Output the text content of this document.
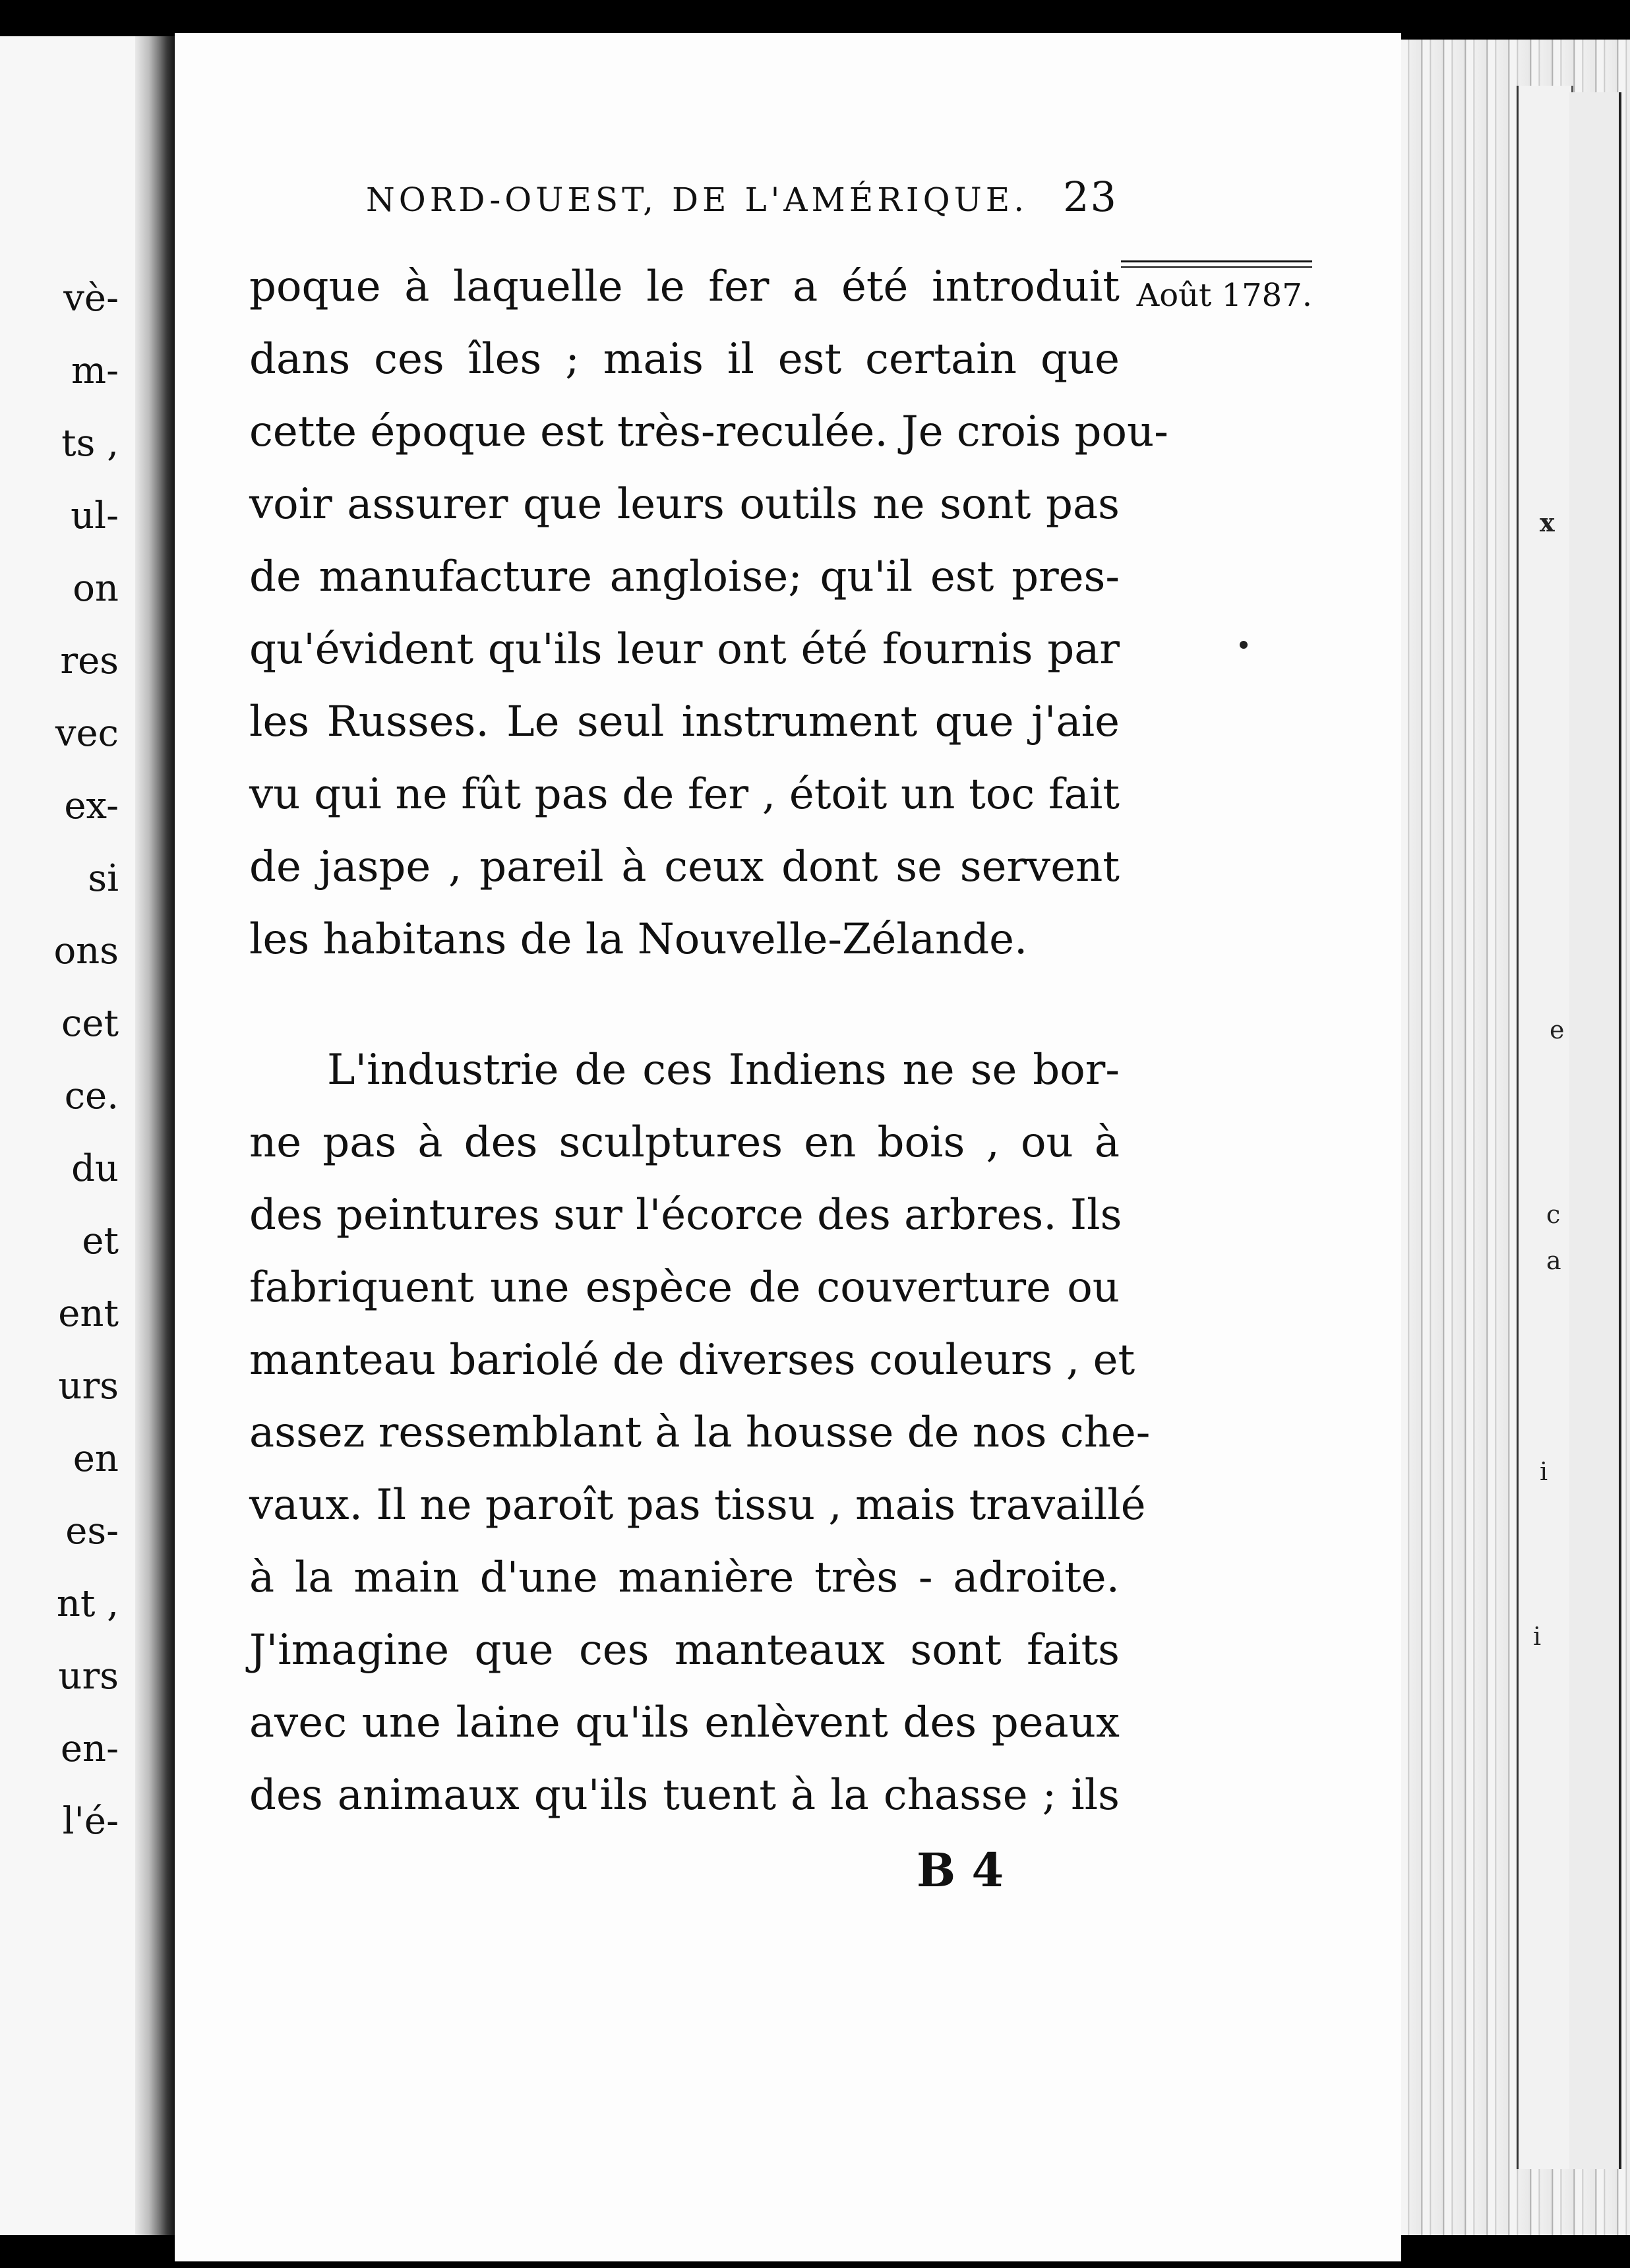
vè-
m-
ts ,
ul-
on
res
vec
ex-
si
ons
cet
ce.
du
et
ent
urs
en
es-
nt ,
urs
en-
l'é-
x
c
a
i
e
i
NORD-OUEST, DE L'AMÉRIQUE. 23
Août 1787.
poque à laquelle le fer a été introduit
dans ces îles ; mais il est certain que
cette époque est très-reculée. Je crois pou-
voir assurer que leurs outils ne sont pas
de manufacture angloise; qu'il est pres-
qu'évident qu'ils leur ont été fournis par
les Russes. Le seul instrument que j'aie
vu qui ne fût pas de fer , étoit un toc fait
de jaspe , pareil à ceux dont se servent
les habitans de la Nouvelle-Zélande.
L'industrie de ces Indiens ne se bor-
ne pas à des sculptures en bois , ou à
des peintures sur l'écorce des arbres. Ils
fabriquent une espèce de couverture ou
manteau bariolé de diverses couleurs , et
assez ressemblant à la housse de nos che-
vaux. Il ne paroît pas tissu , mais travaillé
à la main d'une manière très - adroite.
J'imagine que ces manteaux sont faits
avec une laine qu'ils enlèvent des peaux
des animaux qu'ils tuent à la chasse ; ils
B 4
